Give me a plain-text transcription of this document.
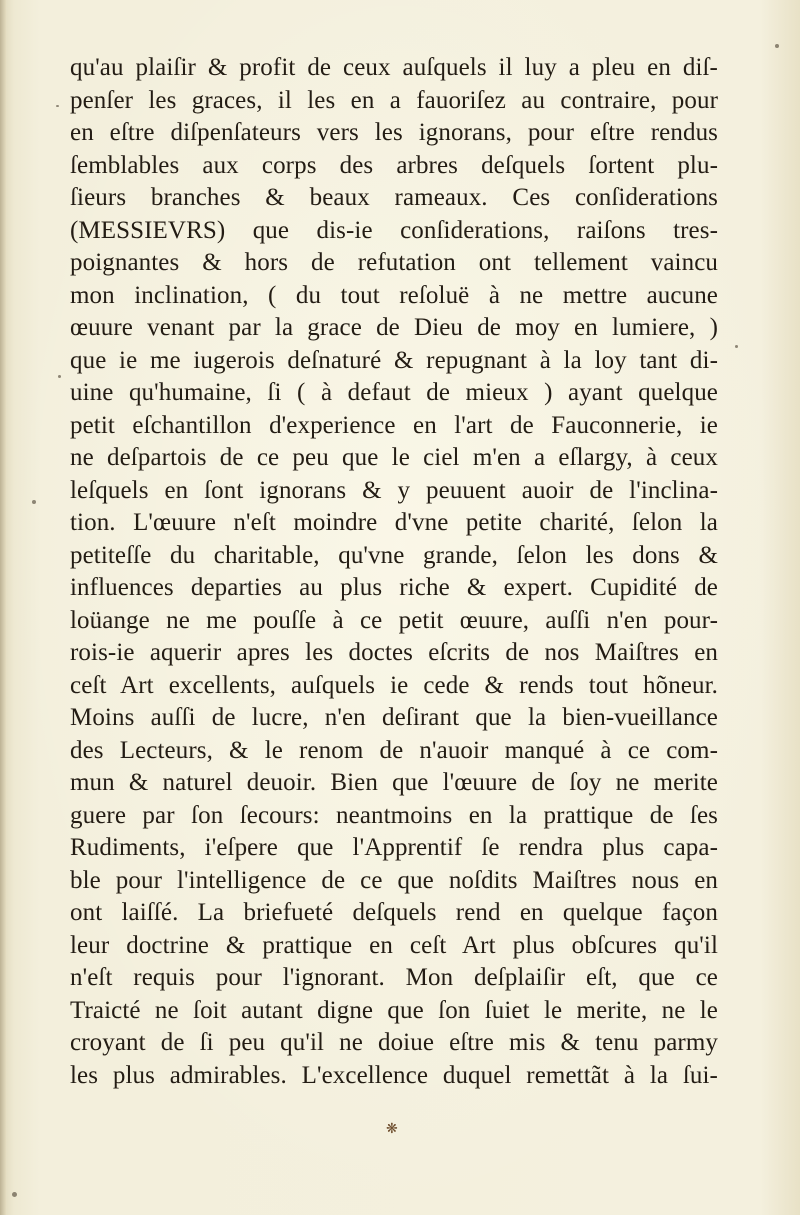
qu'au plaiſir & profit de ceux auſquels il luy a pleu en diſ-
penſer les graces, il les en a fauoriſez au contraire, pour
en eſtre diſpenſateurs vers les ignorans, pour eſtre rendus
ſemblables aux corps des arbres deſquels ſortent plu-
ſieurs branches & beaux rameaux. Ces conſiderations
(MESSIEVRS) que dis-ie conſiderations, raiſons tres-
poignantes & hors de refutation ont tellement vaincu
mon inclination, ( du tout reſoluë à ne mettre aucune
œuure venant par la grace de Dieu de moy en lumiere, )
que ie me iugerois deſnaturé & repugnant à la loy tant di-
uine qu'humaine, ſi ( à defaut de mieux ) ayant quelque
petit eſchantillon d'experience en l'art de Fauconnerie, ie
ne deſpartois de ce peu que le ciel m'en a eſlargy, à ceux
leſquels en ſont ignorans & y peuuent auoir de l'inclina-
tion. L'œuure n'eſt moindre d'vne petite charité, ſelon la
petiteſſe du charitable, qu'vne grande, ſelon les dons &
influences departies au plus riche & expert. Cupidité de
loüange ne me pouſſe à ce petit œuure, auſſi n'en pour-
rois-ie aquerir apres les doctes eſcrits de nos Maiſtres en
ceſt Art excellents, auſquels ie cede & rends tout hõneur.
Moins auſſi de lucre, n'en deſirant que la bien-vueillance
des Lecteurs, & le renom de n'auoir manqué à ce com-
mun & naturel deuoir. Bien que l'œuure de ſoy ne merite
guere par ſon ſecours: neantmoins en la prattique de ſes
Rudiments, i'eſpere que l'Apprentif ſe rendra plus capa-
ble pour l'intelligence de ce que noſdits Maiſtres nous en
ont laiſſé. La briefueté deſquels rend en quelque façon
leur doctrine & prattique en ceſt Art plus obſcures qu'il
n'eſt requis pour l'ignorant. Mon deſplaiſir eſt, que ce
Traicté ne ſoit autant digne que ſon ſuiet le merite, ne le
croyant de ſi peu qu'il ne doiue eſtre mis & tenu parmy
les plus admirables. L'excellence duquel remettãt à la ſui-
❋
